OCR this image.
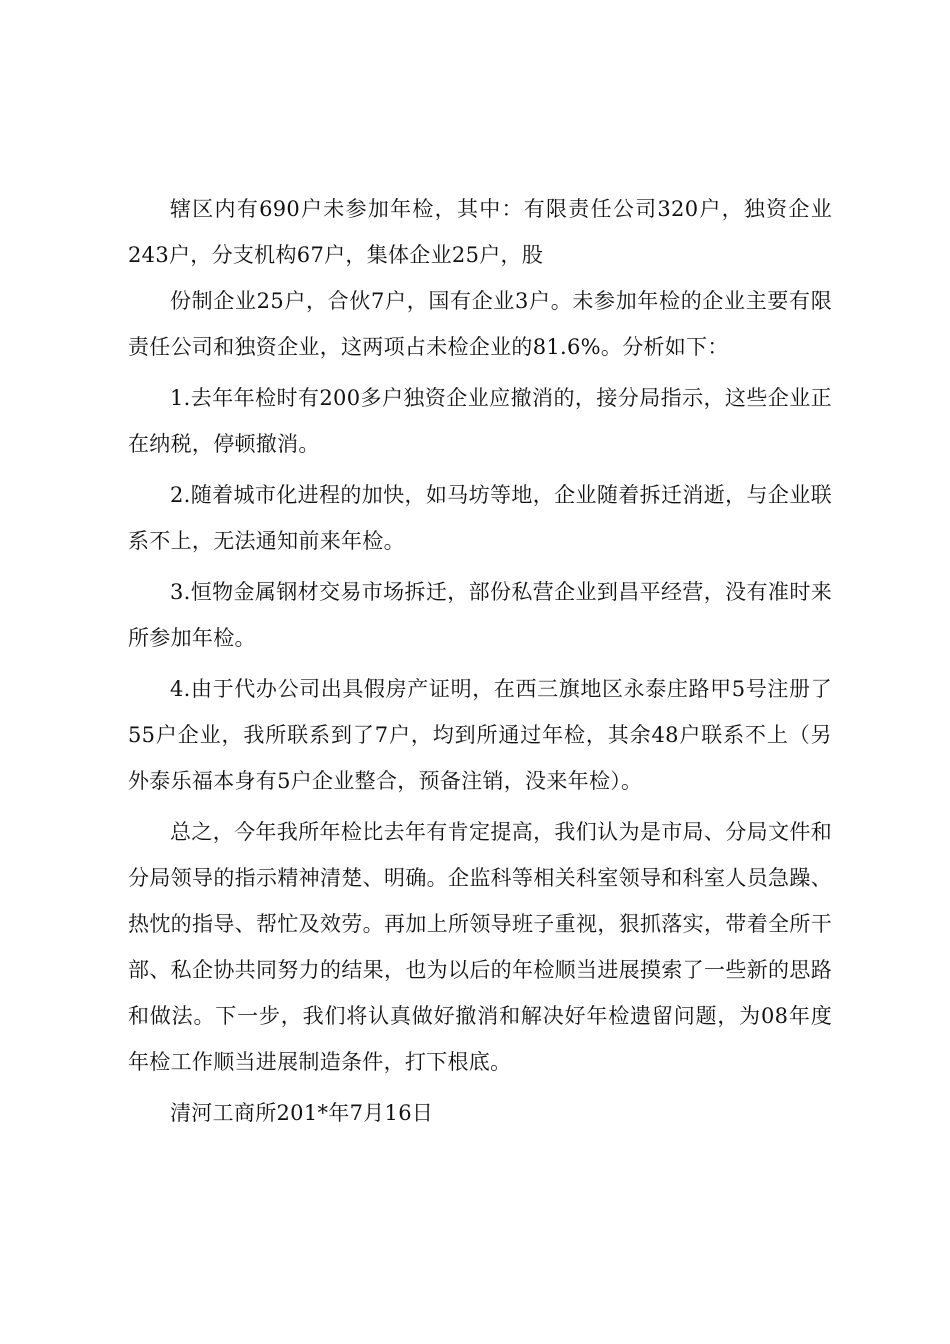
辖区内有690户未参加年检，其中：有限责任公司320户，独资企业243户，分支机构67户，集体企业25户，股

份制企业25户，合伙7户，国有企业3户。未参加年检的企业主要有限责任公司和独资企业，这两项占未检企业的81.6%。分析如下：

1.去年年检时有200多户独资企业应撤消的，接分局指示，这些企业正在纳税，停顿撤消。

2.随着城市化进程的加快，如马坊等地，企业随着拆迁消逝，与企业联系不上，无法通知前来年检。

3.恒物金属钢材交易市场拆迁，部份私营企业到昌平经营，没有准时来所参加年检。

4.由于代办公司出具假房产证明，在西三旗地区永泰庄路甲5号注册了55户企业，我所联系到了7户，均到所通过年检，其余48户联系不上（另外泰乐福本身有5户企业整合，预备注销，没来年检）。

总之，今年我所年检比去年有肯定提高，我们认为是市局、分局文件和分局领导的指示精神清楚、明确。企监科等相关科室领导和科室人员急躁、热忱的指导、帮忙及效劳。再加上所领导班子重视，狠抓落实，带着全所干部、私企协共同努力的结果，也为以后的年检顺当进展摸索了一些新的思路和做法。下一步，我们将认真做好撤消和解决好年检遗留问题，为08年度年检工作顺当进展制造条件，打下根底。

清河工商所201*年7月16日
